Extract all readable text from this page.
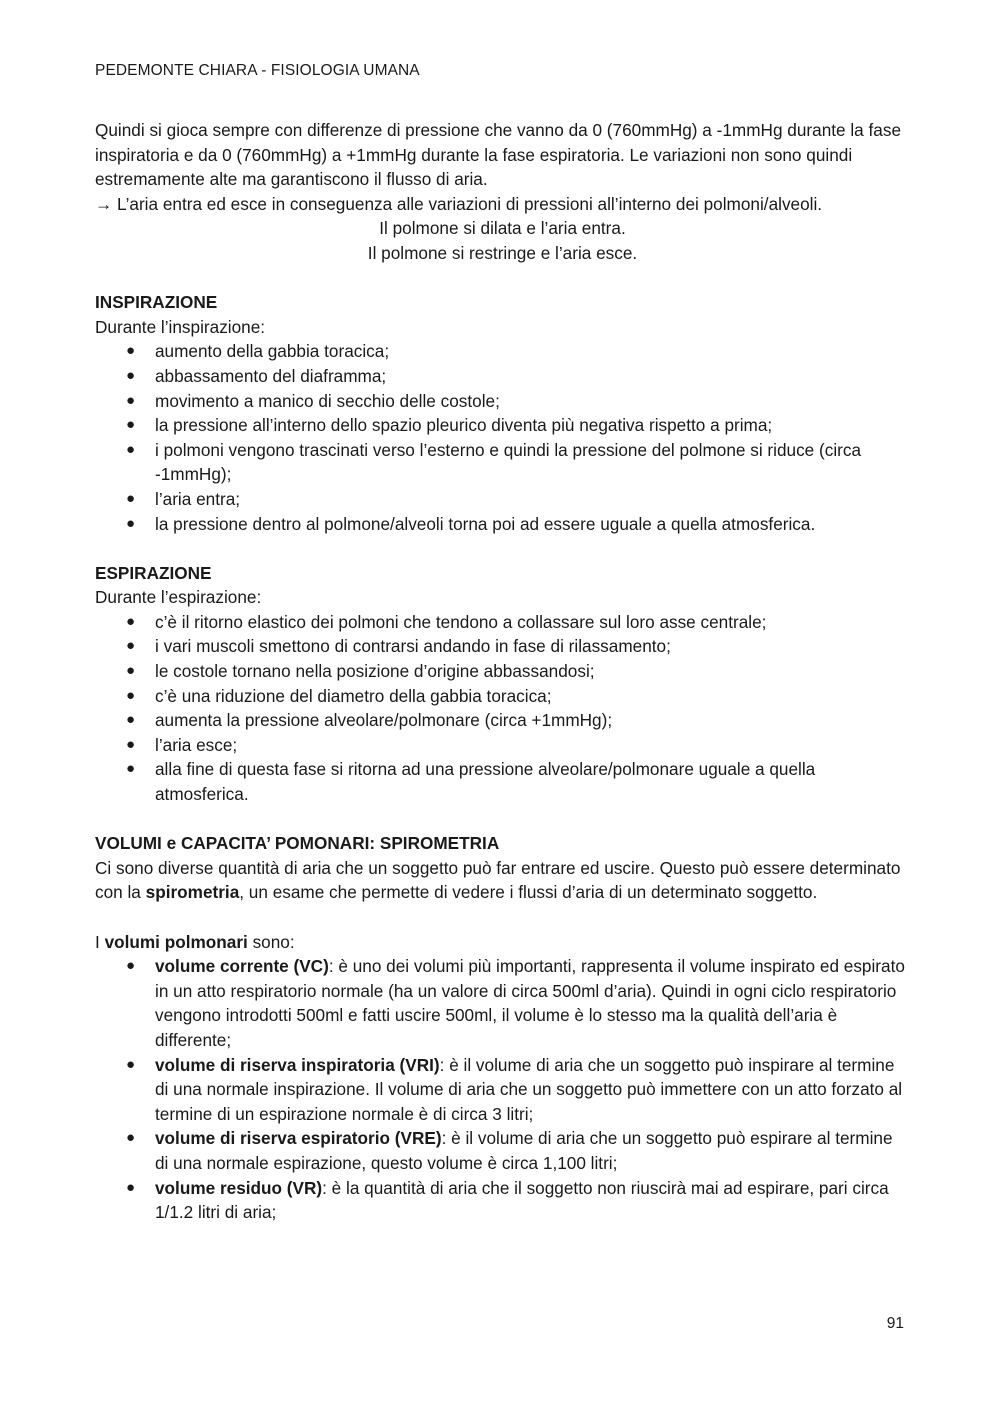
PEDEMONTE CHIARA - FISIOLOGIA UMANA

Quindi si gioca sempre con differenze di pressione che vanno da 0 (760mmHg) a -1mmHg durante la fase inspiratoria e da 0 (760mmHg) a +1mmHg durante la fase espiratoria. Le variazioni non sono quindi estremamente alte ma garantiscono il flusso di aria.

→ L’aria entra ed esce in conseguenza alle variazioni di pressioni all’interno dei polmoni/alveoli.

Il polmone si dilata e l’aria entra.

Il polmone si restringe e l’aria esce.

INSPIRAZIONE

Durante l’inspirazione:

● aumento della gabbia toracica;
● abbassamento del diaframma;
● movimento a manico di secchio delle costole;
● la pressione all’interno dello spazio pleurico diventa più negativa rispetto a prima;
● i polmoni vengono trascinati verso l’esterno e quindi la pressione del polmone si riduce (circa -1mmHg);
● l’aria entra;
● la pressione dentro al polmone/alveoli torna poi ad essere uguale a quella atmosferica.

ESPIRAZIONE

Durante l’espirazione:

● c’è il ritorno elastico dei polmoni che tendono a collassare sul loro asse centrale;
● i vari muscoli smettono di contrarsi andando in fase di rilassamento;
● le costole tornano nella posizione d’origine abbassandosi;
● c’è una riduzione del diametro della gabbia toracica;
● aumenta la pressione alveolare/polmonare (circa +1mmHg);
● l’aria esce;
● alla fine di questa fase si ritorna ad una pressione alveolare/polmonare uguale a quella atmosferica.

VOLUMI e CAPACITA’ POMONARI: SPIROMETRIA

Ci sono diverse quantità di aria che un soggetto può far entrare ed uscire. Questo può essere determinato con la spirometria, un esame che permette di vedere i flussi d’aria di un determinato soggetto.

I volumi polmonari sono:

● volume corrente (VC): è uno dei volumi più importanti, rappresenta il volume inspirato ed espirato in un atto respiratorio normale (ha un valore di circa 500ml d’aria). Quindi in ogni ciclo respiratorio vengono introdotti 500ml e fatti uscire 500ml, il volume è lo stesso ma la qualità dell’aria è differente;
● volume di riserva inspiratoria (VRI): è il volume di aria che un soggetto può inspirare al termine di una normale inspirazione. Il volume di aria che un soggetto può immettere con un atto forzato al termine di un espirazione normale è di circa 3 litri;
● volume di riserva espiratorio (VRE): è il volume di aria che un soggetto può espirare al termine di una normale espirazione, questo volume è circa 1,100 litri;
● volume residuo (VR): è la quantità di aria che il soggetto non riuscirà mai ad espirare, pari circa 1/1.2 litri di aria;
91
